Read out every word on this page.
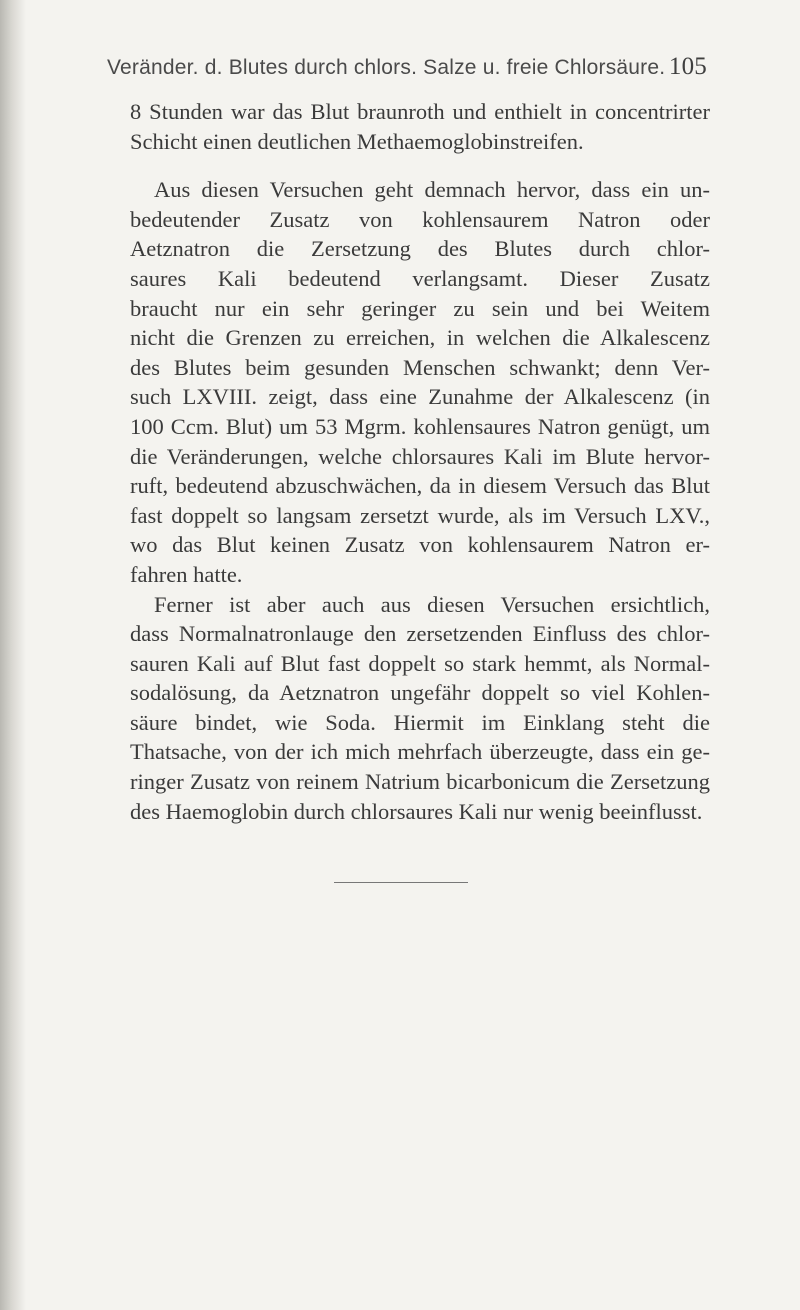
Veränder. d. Blutes durch chlors. Salze u. freie Chlorsäure. 105

8 Stunden war das Blut braunroth und enthielt in concentrirter
Schicht einen deutlichen Methaemoglobinstreifen.

Aus diesen Versuchen geht demnach hervor, dass ein un-
bedeutender Zusatz von kohlensaurem Natron oder
Aetznatron die Zersetzung des Blutes durch chlor-
saures Kali bedeutend verlangsamt. Dieser Zusatz
braucht nur ein sehr geringer zu sein und bei Weitem
nicht die Grenzen zu erreichen, in welchen die Alkalescenz
des Blutes beim gesunden Menschen schwankt; denn Ver-
such LXVIII. zeigt, dass eine Zunahme der Alkalescenz (in
100 Ccm. Blut) um 53 Mgrm. kohlensaures Natron genügt, um
die Veränderungen, welche chlorsaures Kali im Blute hervor-
ruft, bedeutend abzuschwächen, da in diesem Versuch das Blut
fast doppelt so langsam zersetzt wurde, als im Versuch LXV.,
wo das Blut keinen Zusatz von kohlensaurem Natron er-
fahren hatte.

Ferner ist aber auch aus diesen Versuchen ersichtlich,
dass Normalnatronlauge den zersetzenden Einfluss des chlor-
sauren Kali auf Blut fast doppelt so stark hemmt, als Normal-
sodalösung, da Aetznatron ungefähr doppelt so viel Kohlen-
säure bindet, wie Soda. Hiermit im Einklang steht die
Thatsache, von der ich mich mehrfach überzeugte, dass ein ge-
ringer Zusatz von reinem Natrium bicarbonicum die Zersetzung
des Haemoglobin durch chlorsaures Kali nur wenig beeinflusst.
